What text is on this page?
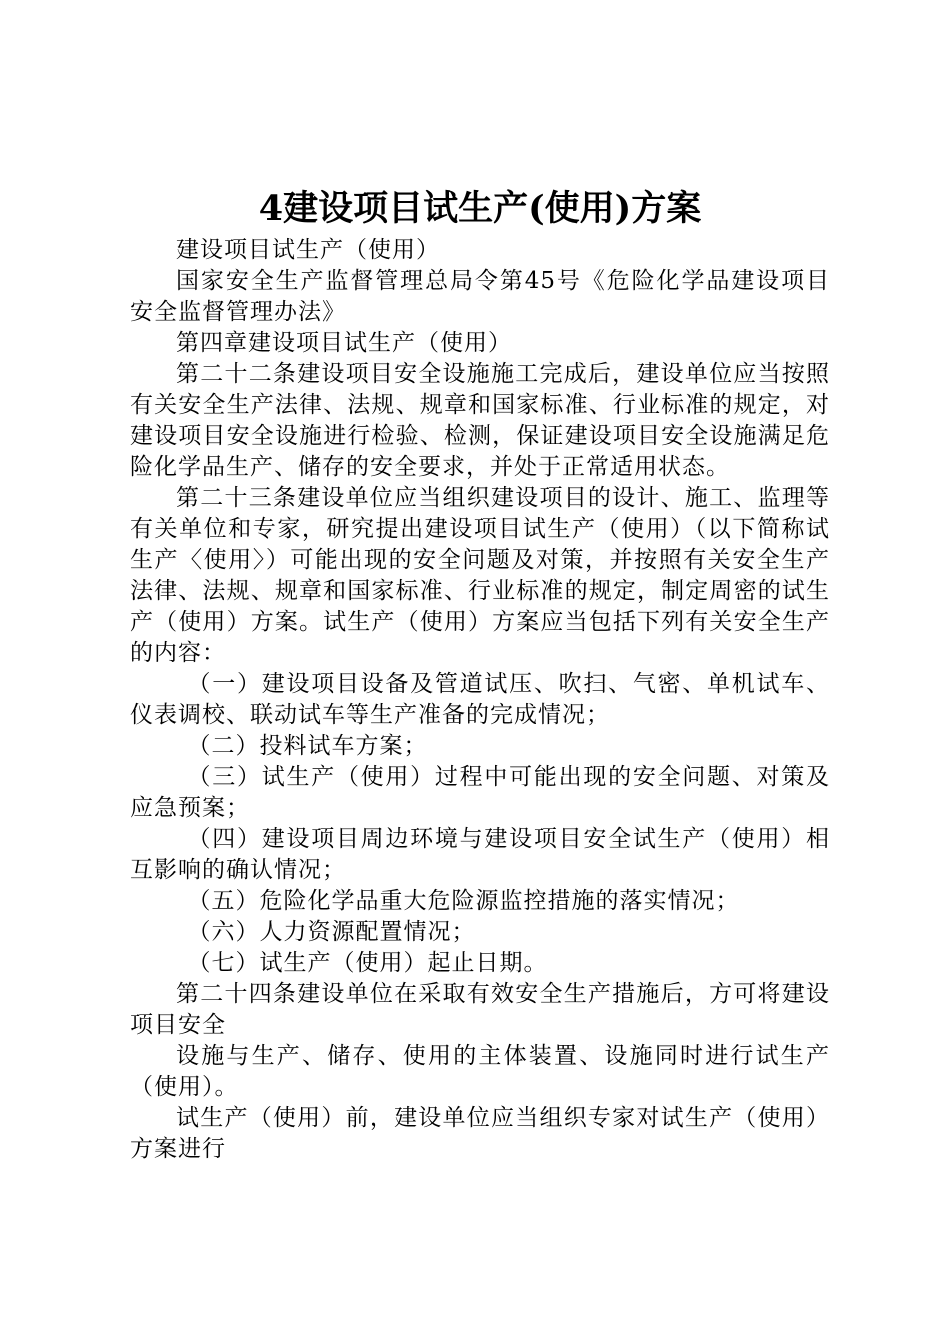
4建设项目试生产(使用)方案

建设项目试生产（使用）

国家安全生产监督管理总局令第45号《危险化学品建设项目安全监督管理办法》

第四章建设项目试生产（使用）

第二十二条建设项目安全设施施工完成后，建设单位应当按照有关安全生产法律、法规、规章和国家标准、行业标准的规定，对建设项目安全设施进行检验、检测，保证建设项目安全设施满足危险化学品生产、储存的安全要求，并处于正常适用状态。

第二十三条建设单位应当组织建设项目的设计、施工、监理等有关单位和专家，研究提出建设项目试生产（使用）（以下简称试生产〈使用〉）可能出现的安全问题及对策，并按照有关安全生产法律、法规、规章和国家标准、行业标准的规定，制定周密的试生产（使用）方案。试生产（使用）方案应当包括下列有关安全生产的内容：

（一）建设项目设备及管道试压、吹扫、气密、单机试车、仪表调校、联动试车等生产准备的完成情况；

（二）投料试车方案；

（三）试生产（使用）过程中可能出现的安全问题、对策及应急预案；

（四）建设项目周边环境与建设项目安全试生产（使用）相互影响的确认情况；

（五）危险化学品重大危险源监控措施的落实情况；

（六）人力资源配置情况；

（七）试生产（使用）起止日期。

第二十四条建设单位在采取有效安全生产措施后，方可将建设项目安全

设施与生产、储存、使用的主体装置、设施同时进行试生产（使用）。

试生产（使用）前，建设单位应当组织专家对试生产（使用）方案进行
